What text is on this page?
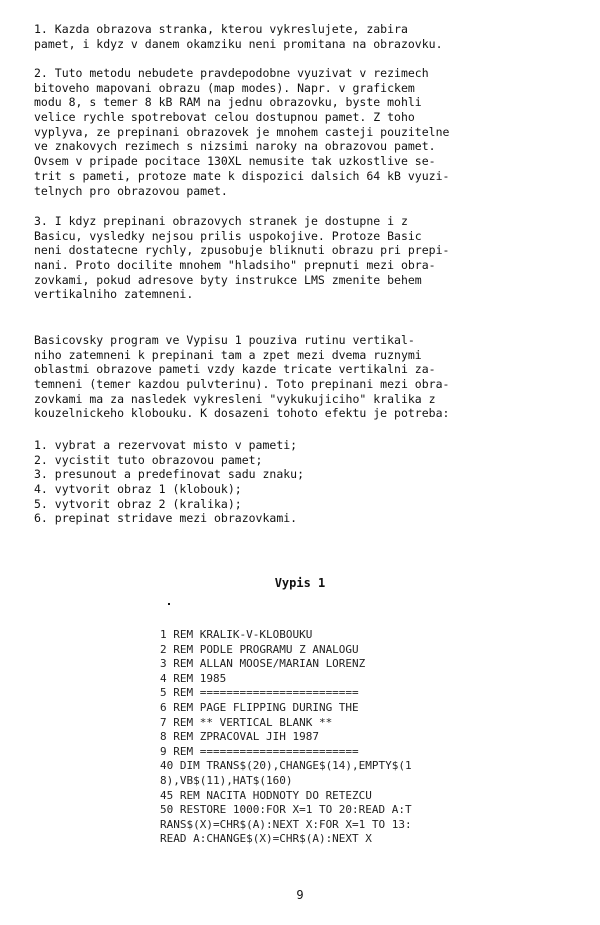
1. Kazda obrazova stranka, kterou vykreslujete, zabira
pamet, i kdyz v danem okamziku neni promitana na obrazovku.
2. Tuto metodu nebudete pravdepodobne vyuzivat v rezimech
bitoveho mapovani obrazu (map modes). Napr. v grafickem
modu 8, s temer 8 kB RAM na jednu obrazovku, byste mohli
velice rychle spotrebovat celou dostupnou pamet. Z toho
vyplyva, ze prepinani obrazovek je mnohem casteji pouzitelne
ve znakovych rezimech s nizsimi naroky na obrazovou pamet.
Ovsem v pripade pocitace 130XL nemusite tak uzkostlive se-
trit s pameti, protoze mate k dispozici dalsich 64 kB vyuzi-
telnych pro obrazovou pamet.
3. I kdyz prepinani obrazovych stranek je dostupne i z
Basicu, vysledky nejsou prilis uspokojive. Protoze Basic
neni dostatecne rychly, zpusobuje bliknuti obrazu pri prepi-
nani. Proto docilite mnohem "hladsiho" prepnuti mezi obra-
zovkami, pokud adresove byty instrukce LMS zmenite behem
vertikalniho zatemneni.
Basicovsky program ve Vypisu 1 pouziva rutinu vertikal-
niho zatemneni k prepinani tam a zpet mezi dvema ruznymi
oblastmi obrazove pameti vzdy kazde tricate vertikalni za-
temneni (temer kazdou pulvterinu). Toto prepinani mezi obra-
zovkami ma za nasledek vykresleni "vykukujiciho" kralika z
kouzelnickeho klobouku. K dosazeni tohoto efektu je potreba:
1. vybrat a rezervovat misto v pameti;
2. vycistit tuto obrazovou pamet;
3. presunout a predefinovat sadu znaku;
4. vytvorit obraz 1 (klobouk);
5. vytvorit obraz 2 (kralika);
6. prepinat stridave mezi obrazovkami.
Vypis 1
1 REM KRALIK-V-KLOBOUKU
2 REM PODLE PROGRAMU Z ANALOGU
3 REM ALLAN MOOSE/MARIAN LORENZ
4 REM 1985
5 REM ========================
6 REM PAGE FLIPPING DURING THE
7 REM ** VERTICAL BLANK **
8 REM ZPRACOVAL JIH 1987
9 REM ========================
40 DIM TRANS$(20),CHANGE$(14),EMPTY$(1
8),VB$(11),HAT$(160)
45 REM NACITA HODNOTY DO RETEZCU
50 RESTORE 1000:FOR X=1 TO 20:READ A:T
RANS$(X)=CHR$(A):NEXT X:FOR X=1 TO 13:
READ A:CHANGE$(X)=CHR$(A):NEXT X
9
